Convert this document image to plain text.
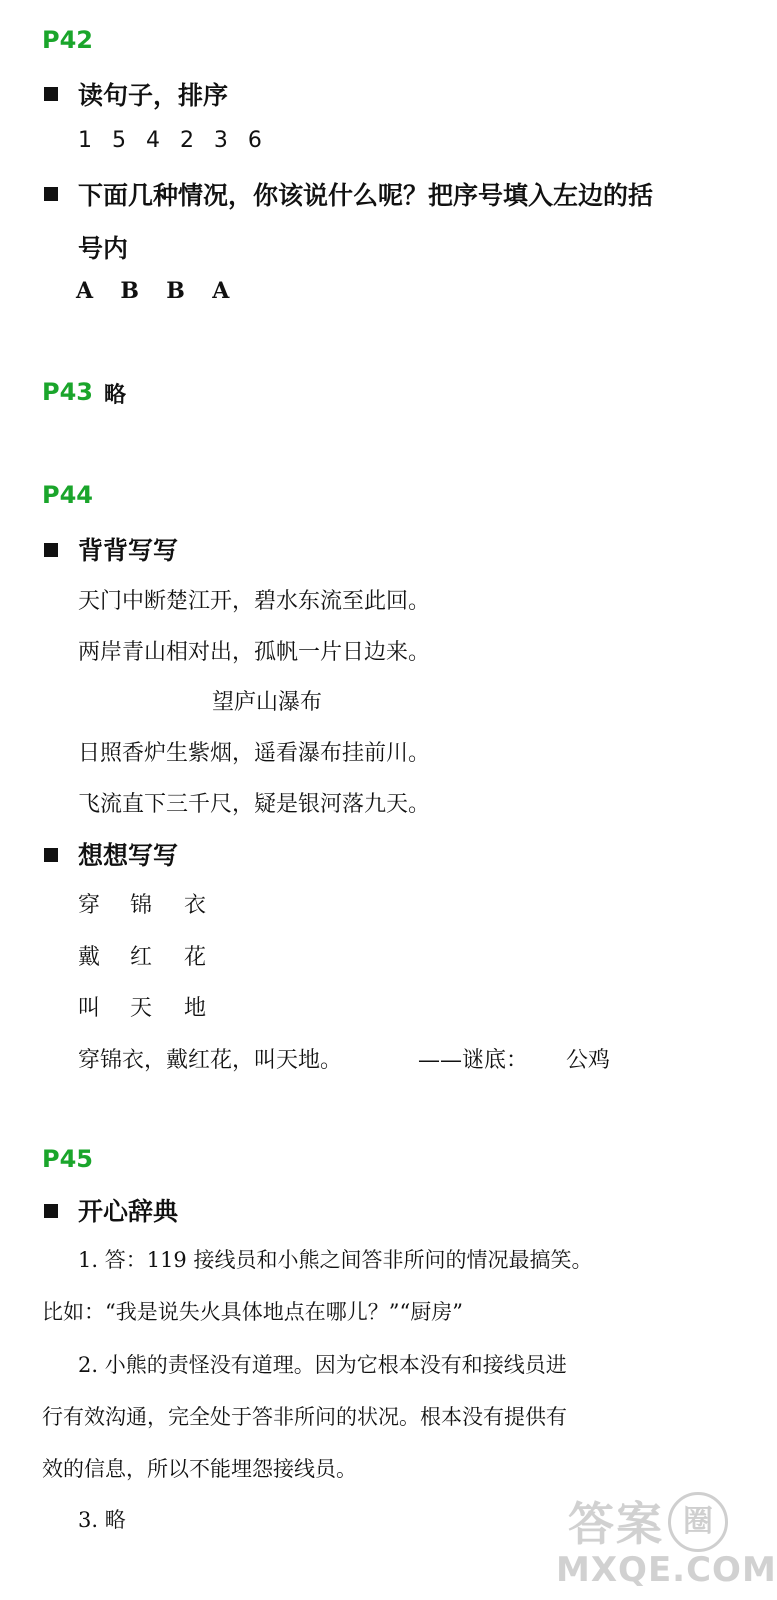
P42
读句子，排序
1  5  4  2  3  6
下面几种情况，你该说什么呢？把序号填入左边的括
号内
A  B  B  A
P43 略
P44
背背写写
天门中断楚江开，碧水东流至此回。
两岸青山相对出，孤帆一片日边来。
望庐山瀑布
日照香炉生紫烟，遥看瀑布挂前川。
飞流直下三千尺，疑是银河落九天。
想想写写
穿 锦 衣
戴 红 花
叫 天 地
穿锦衣，戴红花，叫天地。	——谜底： 公鸡
P45
开心辞典
1. 答：119 接线员和小熊之间答非所问的情况最搞笑。
比如：“我是说失火具体地点在哪儿？”“厨房”
2. 小熊的责怪没有道理。因为它根本没有和接线员进
行有效沟通，完全处于答非所问的状况。根本没有提供有
效的信息，所以不能埋怨接线员。
3. 略	答案 圈
MXQE.COM
